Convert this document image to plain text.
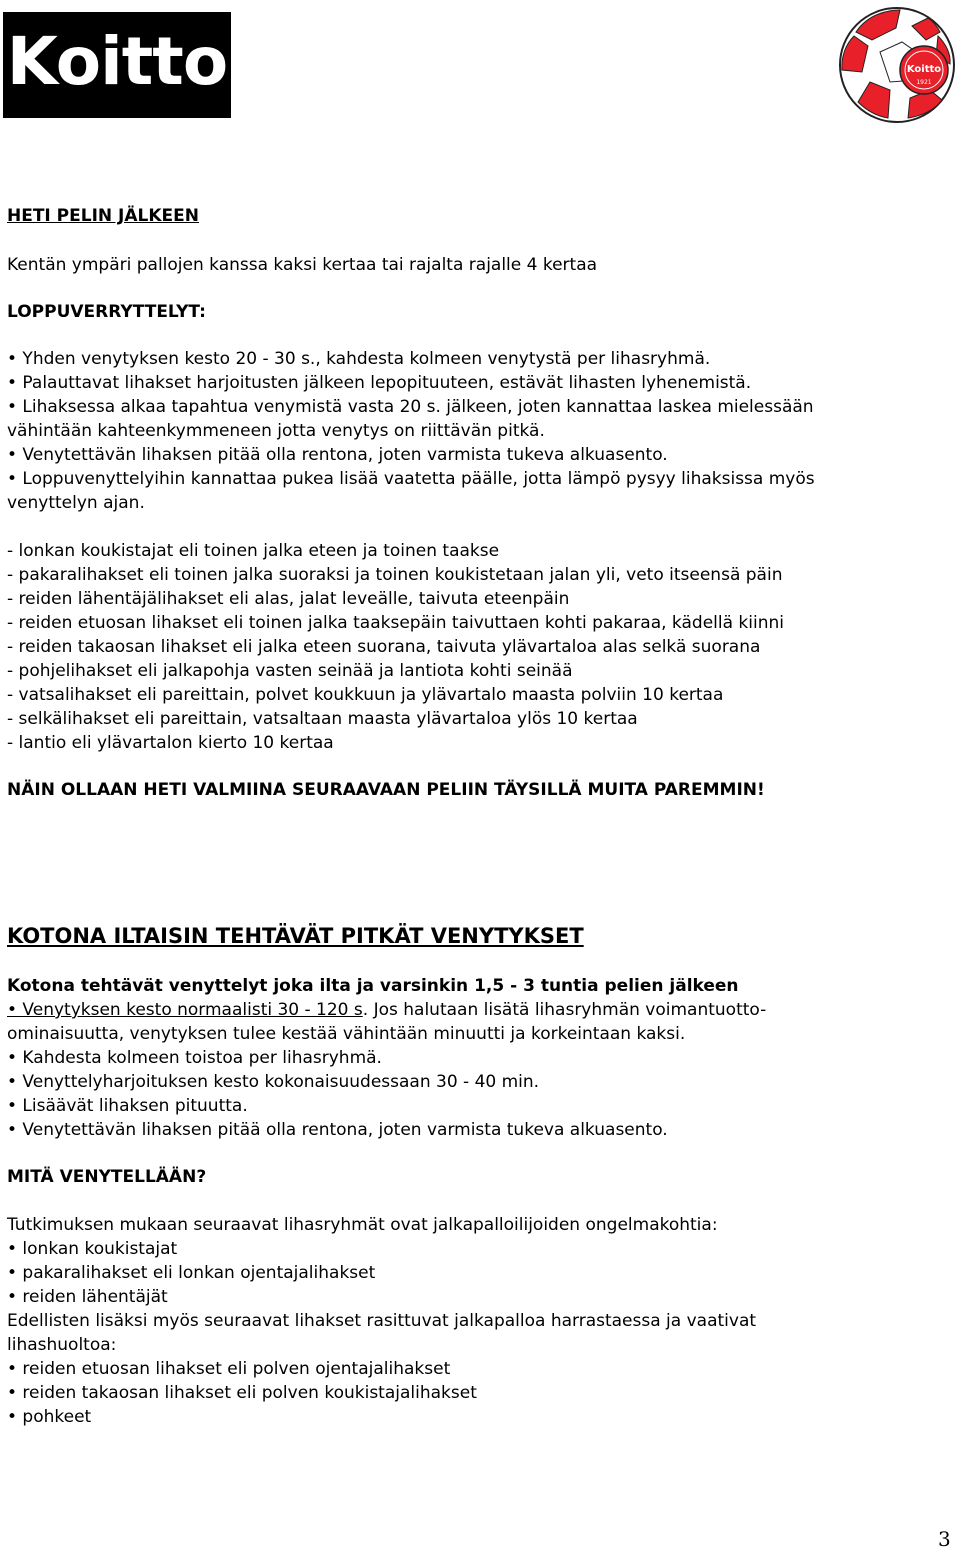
Koitto	Koitto
1921
HETI PELIN JÄLKEEN
Kentän ympäri pallojen kanssa kaksi kertaa tai rajalta rajalle 4 kertaa
LOPPUVERRYTTELYT:
• Yhden venytyksen kesto 20 - 30 s., kahdesta kolmeen venytystä per lihasryhmä.
• Palauttavat lihakset harjoitusten jälkeen lepopituuteen, estävät lihasten lyhenemistä.
• Lihaksessa alkaa tapahtua venymistä vasta 20 s. jälkeen, joten kannattaa laskea mielessään
vähintään kahteenkymmeneen jotta venytys on riittävän pitkä.
• Venytettävän lihaksen pitää olla rentona, joten varmista tukeva alkuasento.
• Loppuvenyttelyihin kannattaa pukea lisää vaatetta päälle, jotta lämpö pysyy lihaksissa myös
venyttelyn ajan.
- lonkan koukistajat eli toinen jalka eteen ja toinen taakse
- pakaralihakset eli toinen jalka suoraksi ja toinen koukistetaan jalan yli, veto itseensä päin
- reiden lähentäjälihakset eli alas, jalat leveälle, taivuta eteenpäin
- reiden etuosan lihakset eli toinen jalka taaksepäin taivuttaen kohti pakaraa, kädellä kiinni
- reiden takaosan lihakset eli jalka eteen suorana, taivuta ylävartaloa alas selkä suorana
- pohjelihakset eli jalkapohja vasten seinää ja lantiota kohti seinää
- vatsalihakset eli pareittain, polvet koukkuun ja ylävartalo maasta polviin 10 kertaa
- selkälihakset eli pareittain, vatsaltaan maasta ylävartaloa ylös 10 kertaa
- lantio eli ylävartalon kierto 10 kertaa
NÄIN OLLAAN HETI VALMIINA SEURAAVAAN PELIIN TÄYSILLÄ MUITA PAREMMIN!
KOTONA ILTAISIN TEHTÄVÄT PITKÄT VENYTYKSET
Kotona tehtävät venyttelyt joka ilta ja varsinkin 1,5 - 3 tuntia pelien jälkeen
• Venytyksen kesto normaalisti 30 - 120 s. Jos halutaan lisätä lihasryhmän voimantuotto-
ominaisuutta, venytyksen tulee kestää vähintään minuutti ja korkeintaan kaksi.
• Kahdesta kolmeen toistoa per lihasryhmä.
• Venyttelyharjoituksen kesto kokonaisuudessaan 30 - 40 min.
• Lisäävät lihaksen pituutta.
• Venytettävän lihaksen pitää olla rentona, joten varmista tukeva alkuasento.
MITÄ VENYTELLÄÄN?
Tutkimuksen mukaan seuraavat lihasryhmät ovat jalkapalloilijoiden ongelmakohtia:
• lonkan koukistajat
• pakaralihakset eli lonkan ojentajalihakset
• reiden lähentäjät
Edellisten lisäksi myös seuraavat lihakset rasittuvat jalkapalloa harrastaessa ja vaativat
lihashuoltoa:
• reiden etuosan lihakset eli polven ojentajalihakset
• reiden takaosan lihakset eli polven koukistajalihakset
• pohkeet
3
